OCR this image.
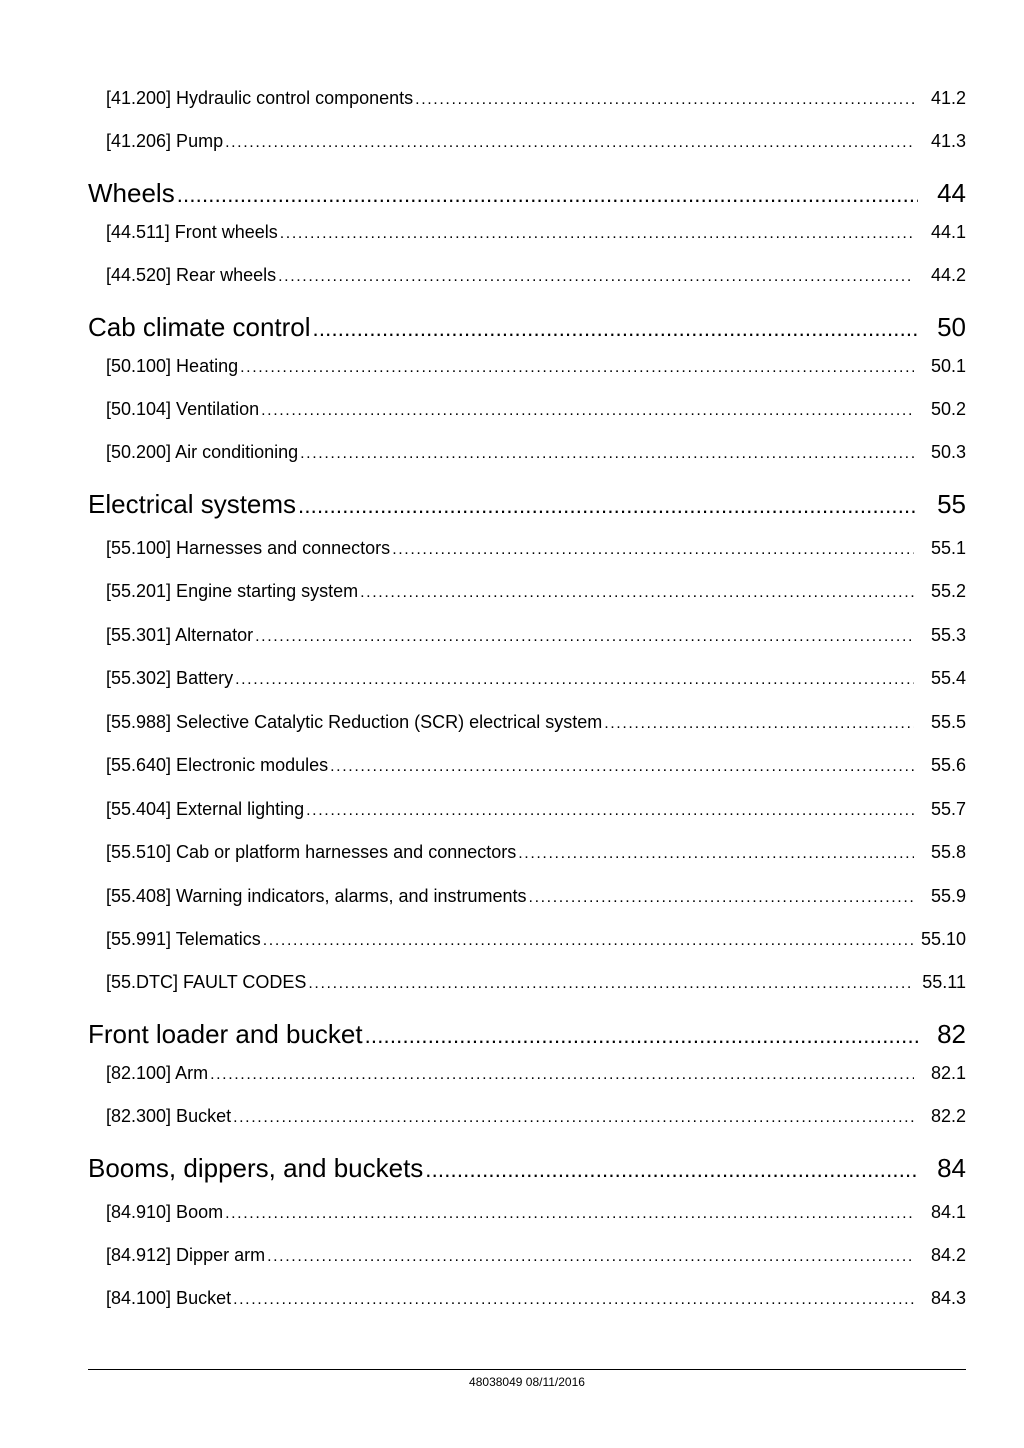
[41.200] Hydraulic control components .....	41.2
[41.206] Pump .....	41.3
Wheels .....	44
[44.511] Front wheels .....	44.1
[44.520] Rear wheels .....	44.2
Cab climate control .....	50
[50.100] Heating .....	50.1
[50.104] Ventilation .....	50.2
[50.200] Air conditioning .....	50.3
Electrical systems .....	55
[55.100] Harnesses and connectors .....	55.1
[55.201] Engine starting system .....	55.2
[55.301] Alternator .....	55.3
[55.302] Battery .....	55.4
[55.988] Selective Catalytic Reduction (SCR) electrical system .....	55.5
[55.640] Electronic modules .....	55.6
[55.404] External lighting .....	55.7
[55.510] Cab or platform harnesses and connectors .....	55.8
[55.408] Warning indicators, alarms, and instruments .....	55.9
[55.991] Telematics .....	55.10
[55.DTC] FAULT CODES .....	55.11
Front loader and bucket .....	82
[82.100] Arm .....	82.1
[82.300] Bucket .....	82.2
Booms, dippers, and buckets .....	84
[84.910] Boom .....	84.1
[84.912] Dipper arm .....	84.2
[84.100] Bucket .....	84.3
48038049 08/11/2016
